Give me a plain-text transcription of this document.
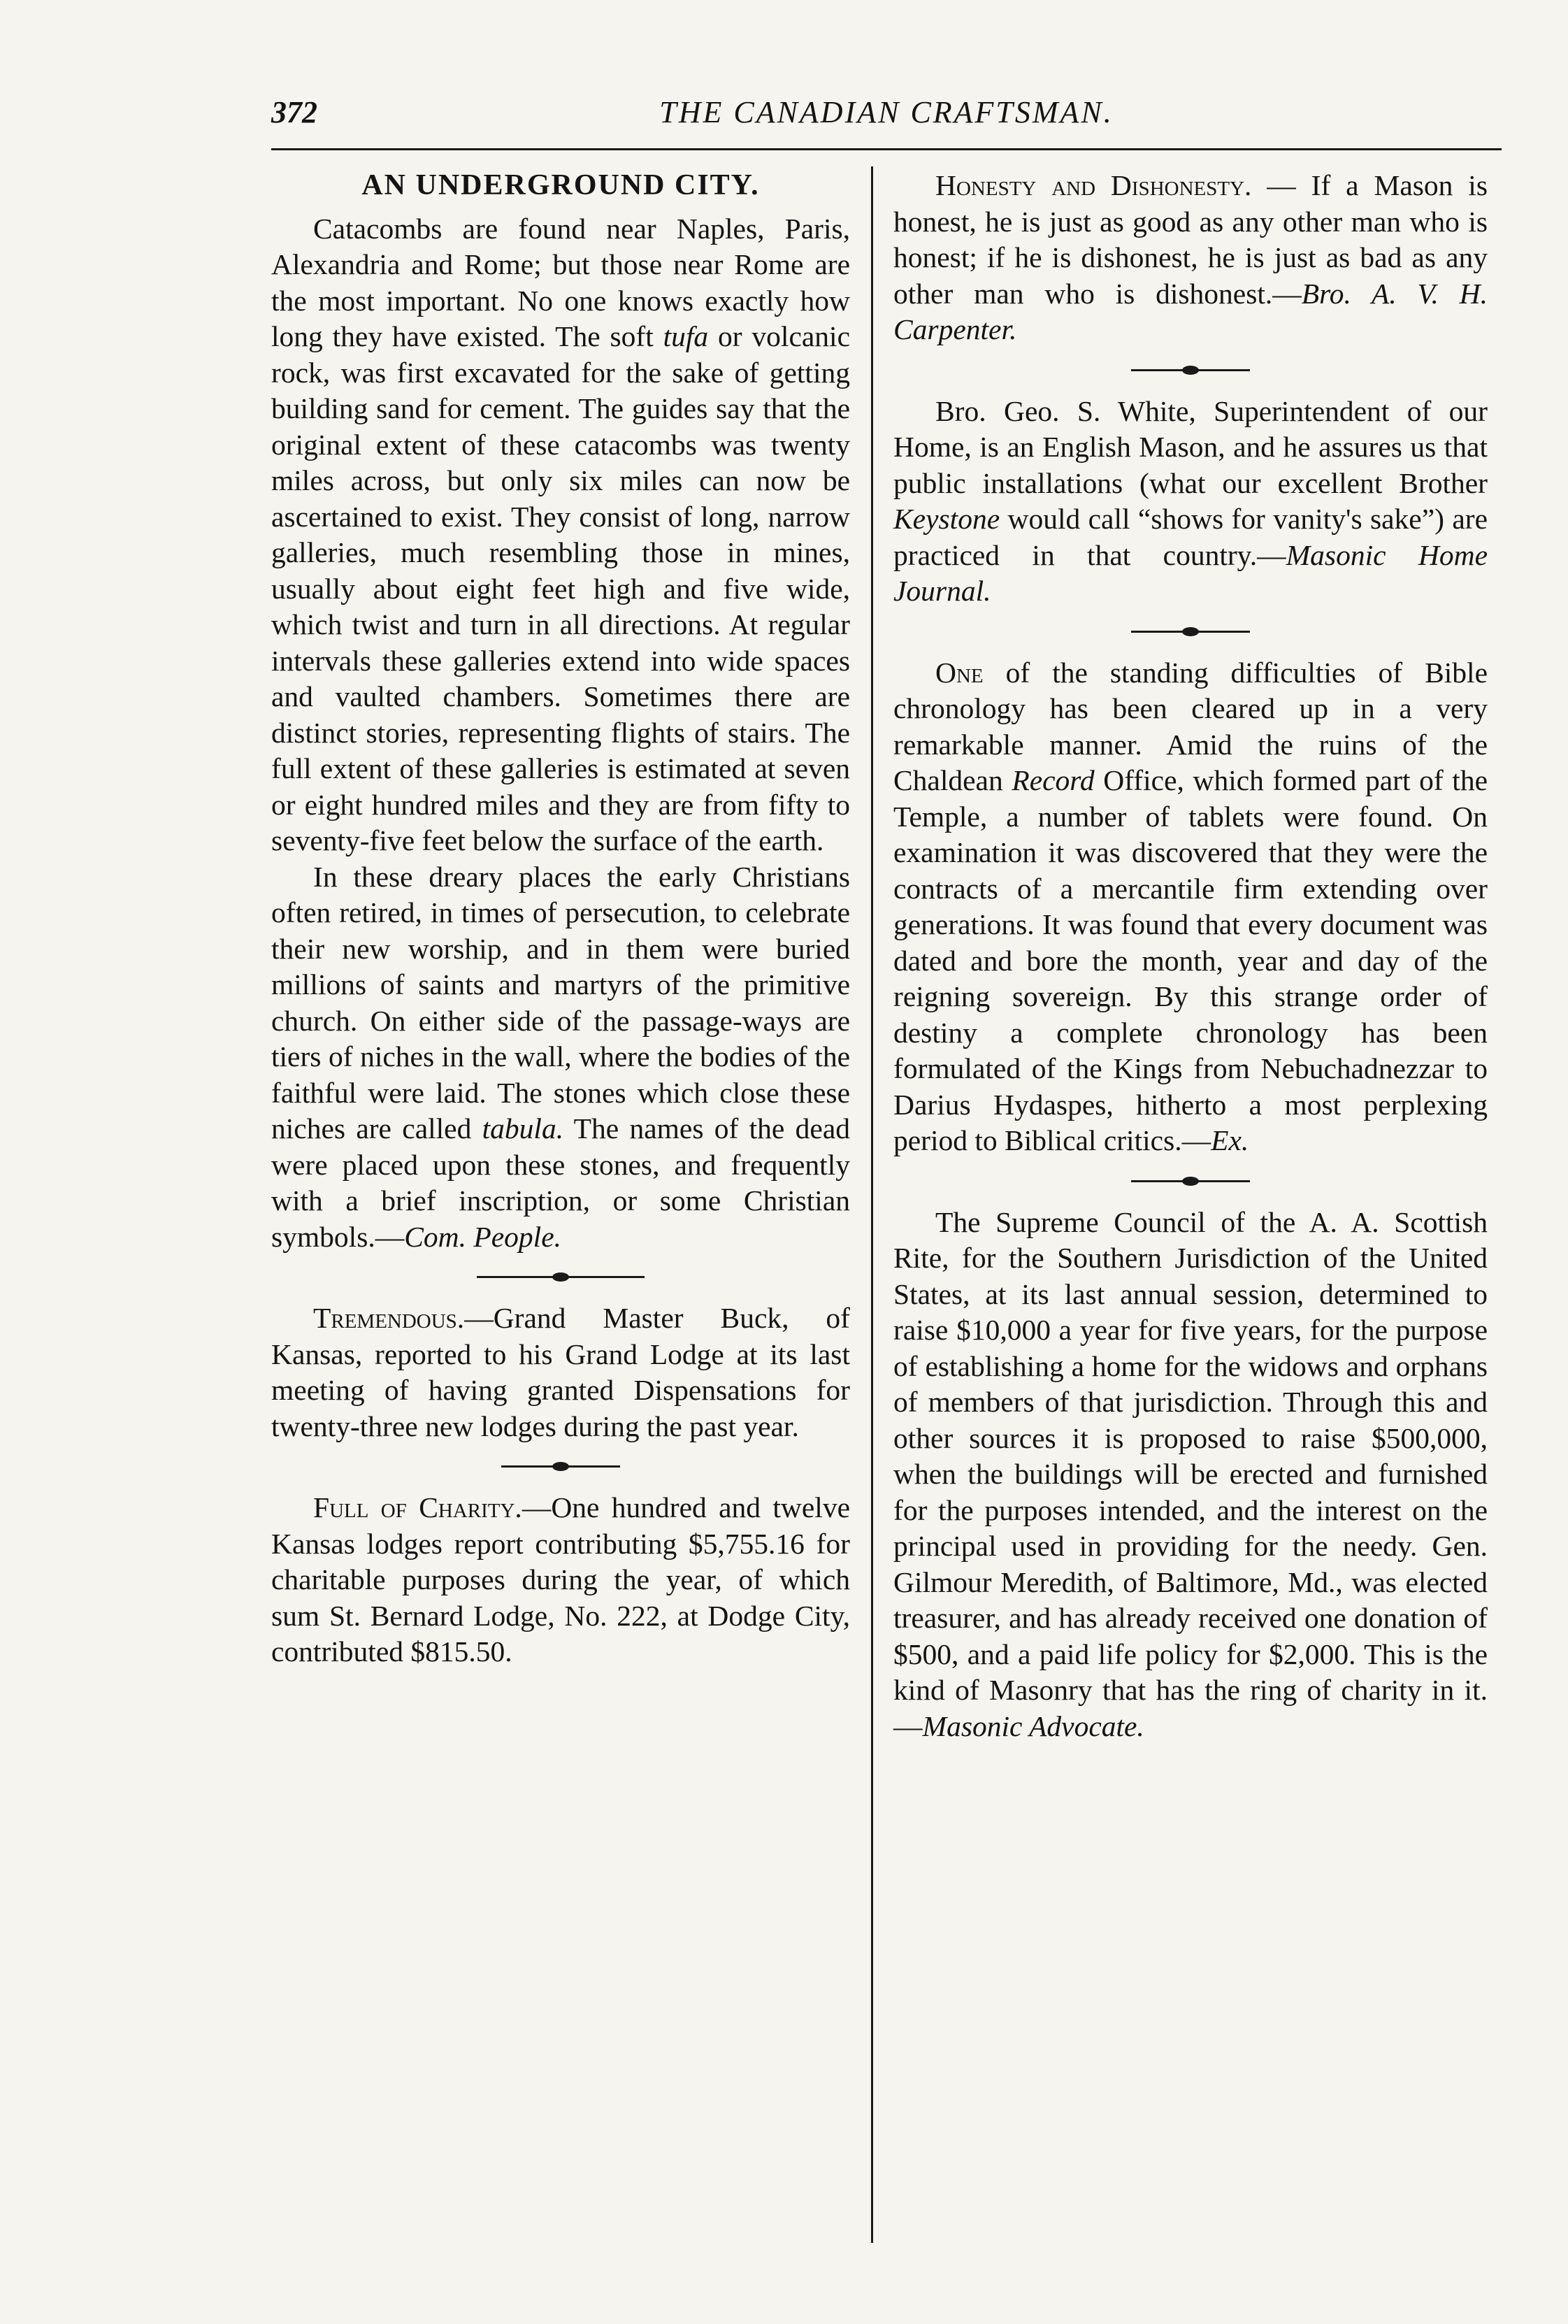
372	THE CANADIAN CRAFTSMAN.
AN UNDERGROUND CITY.

Catacombs are found near Naples, Paris, Alexandria and Rome; but those near Rome are the most important. No one knows exactly how long they have existed. The soft tufa or volcanic rock, was first excavated for the sake of getting building sand for cement. The guides say that the original extent of these catacombs was twenty miles across, but only six miles can now be ascertained to exist. They consist of long, narrow galleries, much resembling those in mines, usually about eight feet high and five wide, which twist and turn in all directions. At regular intervals these galleries extend into wide spaces and vaulted chambers. Sometimes there are distinct stories, representing flights of stairs. The full extent of these galleries is estimated at seven or eight hundred miles and they are from fifty to seventy-five feet below the surface of the earth.

In these dreary places the early Christians often retired, in times of persecution, to celebrate their new worship, and in them were buried millions of saints and martyrs of the primitive church. On either side of the passage-ways are tiers of niches in the wall, where the bodies of the faithful were laid. The stones which close these niches are called tabula. The names of the dead were placed upon these stones, and frequently with a brief inscription, or some Christian symbols.—Com. People.

Tremendous.—Grand Master Buck, of Kansas, reported to his Grand Lodge at its last meeting of having granted Dispensations for twenty-three new lodges during the past year.

Full of Charity.—One hundred and twelve Kansas lodges report contributing $5,755.16 for charitable purposes during the year, of which sum St. Bernard Lodge, No. 222, at Dodge City, contributed $815.50.

Honesty and Dishonesty. — If a Mason is honest, he is just as good as any other man who is honest; if he is dishonest, he is just as bad as any other man who is dishonest.—Bro. A. V. H. Carpenter.

Bro. Geo. S. White, Superintendent of our Home, is an English Mason, and he assures us that public installations (what our excellent Brother Keystone would call “shows for vanity's sake”) are practiced in that country.—Masonic Home Journal.

One of the standing difficulties of Bible chronology has been cleared up in a very remarkable manner. Amid the ruins of the Chaldean Record Office, which formed part of the Temple, a number of tablets were found. On examination it was discovered that they were the contracts of a mercantile firm extending over generations. It was found that every document was dated and bore the month, year and day of the reigning sovereign. By this strange order of destiny a complete chronology has been formulated of the Kings from Nebuchadnezzar to Darius Hydaspes, hitherto a most perplexing period to Biblical critics.—Ex.

The Supreme Council of the A. A. Scottish Rite, for the Southern Jurisdiction of the United States, at its last annual session, determined to raise $10,000 a year for five years, for the purpose of establishing a home for the widows and orphans of members of that jurisdiction. Through this and other sources it is proposed to raise $500,000, when the buildings will be erected and furnished for the purposes intended, and the interest on the principal used in providing for the needy. Gen. Gilmour Meredith, of Baltimore, Md., was elected treasurer, and has already received one donation of $500, and a paid life policy for $2,000. This is the kind of Masonry that has the ring of charity in it.—Masonic Advocate.
